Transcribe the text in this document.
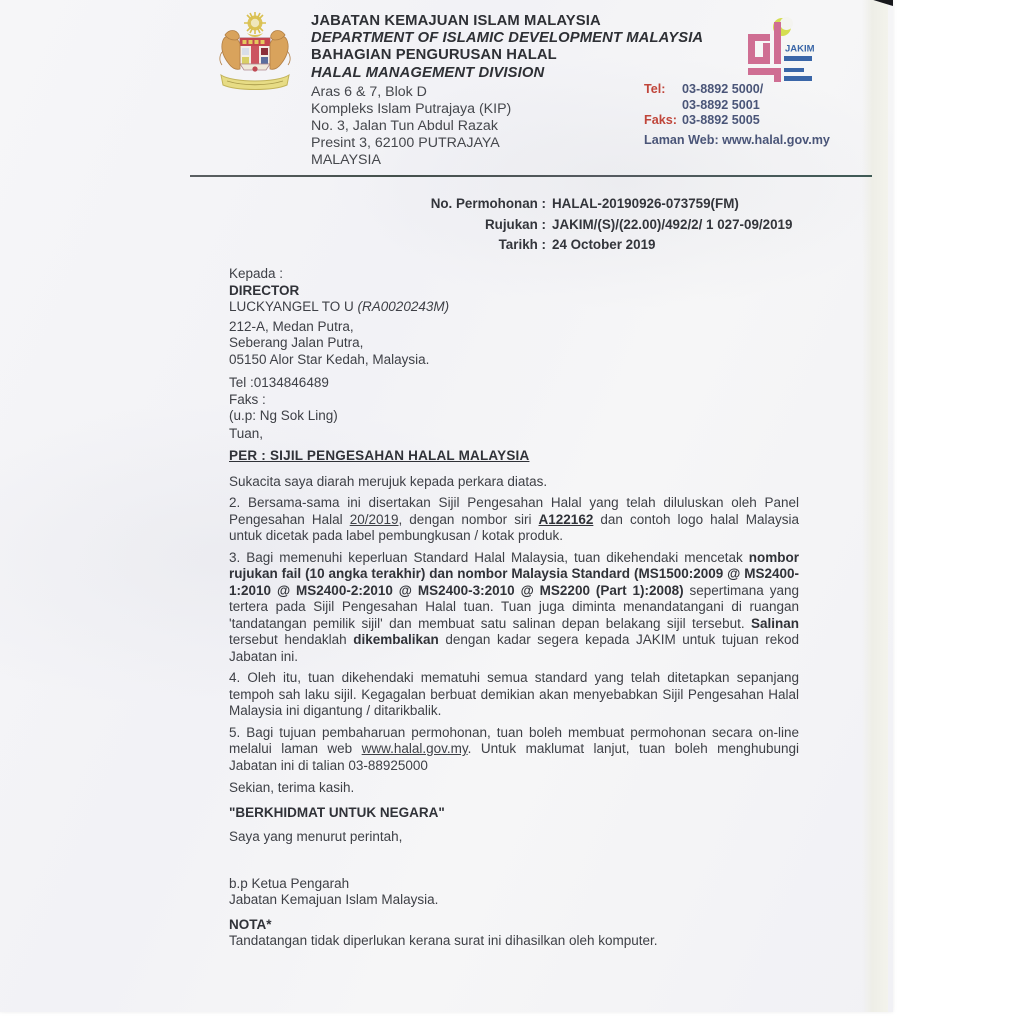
JABATAN KEMAJUAN ISLAM MALAYSIA
DEPARTMENT OF ISLAMIC DEVELOPMENT MALAYSIA
BAHAGIAN PENGURUSAN HALAL
HALAL MANAGEMENT DIVISION
Aras 6 & 7, Blok D
Kompleks Islam Putrajaya (KIP)
No. 3, Jalan Tun Abdul Razak
Presint 3, 62100 PUTRAJAYA
MALAYSIA
JAKIM
Tel:	03-8892 5000/
03-8892 5001
Faks: 03-8892 5005
Laman Web: www.halal.gov.my
No. Permohonan : HALAL-20190926-073759(FM)
Rujukan : JAKIM/(S)/(22.00)/492/2/ 1 027-09/2019
Tarikh : 24 October 2019
Kepada :
DIRECTOR
LUCKYANGEL TO U (RA0020243M)
212-A, Medan Putra,
Seberang Jalan Putra,
05150 Alor Star Kedah, Malaysia.
Tel :0134846489
Faks :
(u.p: Ng Sok Ling)
Tuan,
PER : SIJIL PENGESAHAN HALAL MALAYSIA
Sukacita saya diarah merujuk kepada perkara diatas.
2. Bersama-sama ini disertakan Sijil Pengesahan Halal yang telah diluluskan oleh Panel Pengesahan Halal 20/2019, dengan nombor siri A122162 dan contoh logo halal Malaysia untuk dicetak pada label pembungkusan / kotak produk.
3. Bagi memenuhi keperluan Standard Halal Malaysia, tuan dikehendaki mencetak nombor rujukan fail (10 angka terakhir) dan nombor Malaysia Standard (MS1500:2009 @ MS2400-1:2010 @ MS2400-2:2010 @ MS2400-3:2010 @ MS2200 (Part 1):2008) sepertimana yang tertera pada Sijil Pengesahan Halal tuan. Tuan juga diminta menandatangani di ruangan 'tandatangan pemilik sijil' dan membuat satu salinan depan belakang sijil tersebut. Salinan tersebut hendaklah dikembalikan dengan kadar segera kepada JAKIM untuk tujuan rekod Jabatan ini.
4. Oleh itu, tuan dikehendaki mematuhi semua standard yang telah ditetapkan sepanjang tempoh sah laku sijil. Kegagalan berbuat demikian akan menyebabkan Sijil Pengesahan Halal Malaysia ini digantung / ditarikbalik.
5. Bagi tujuan pembaharuan permohonan, tuan boleh membuat permohonan secara on-line melalui laman web www.halal.gov.my. Untuk maklumat lanjut, tuan boleh menghubungi Jabatan ini di talian 03-88925000
Sekian, terima kasih.
"BERKHIDMAT UNTUK NEGARA"
Saya yang menurut perintah,
b.p Ketua Pengarah
Jabatan Kemajuan Islam Malaysia.
NOTA*
Tandatangan tidak diperlukan kerana surat ini dihasilkan oleh komputer.
